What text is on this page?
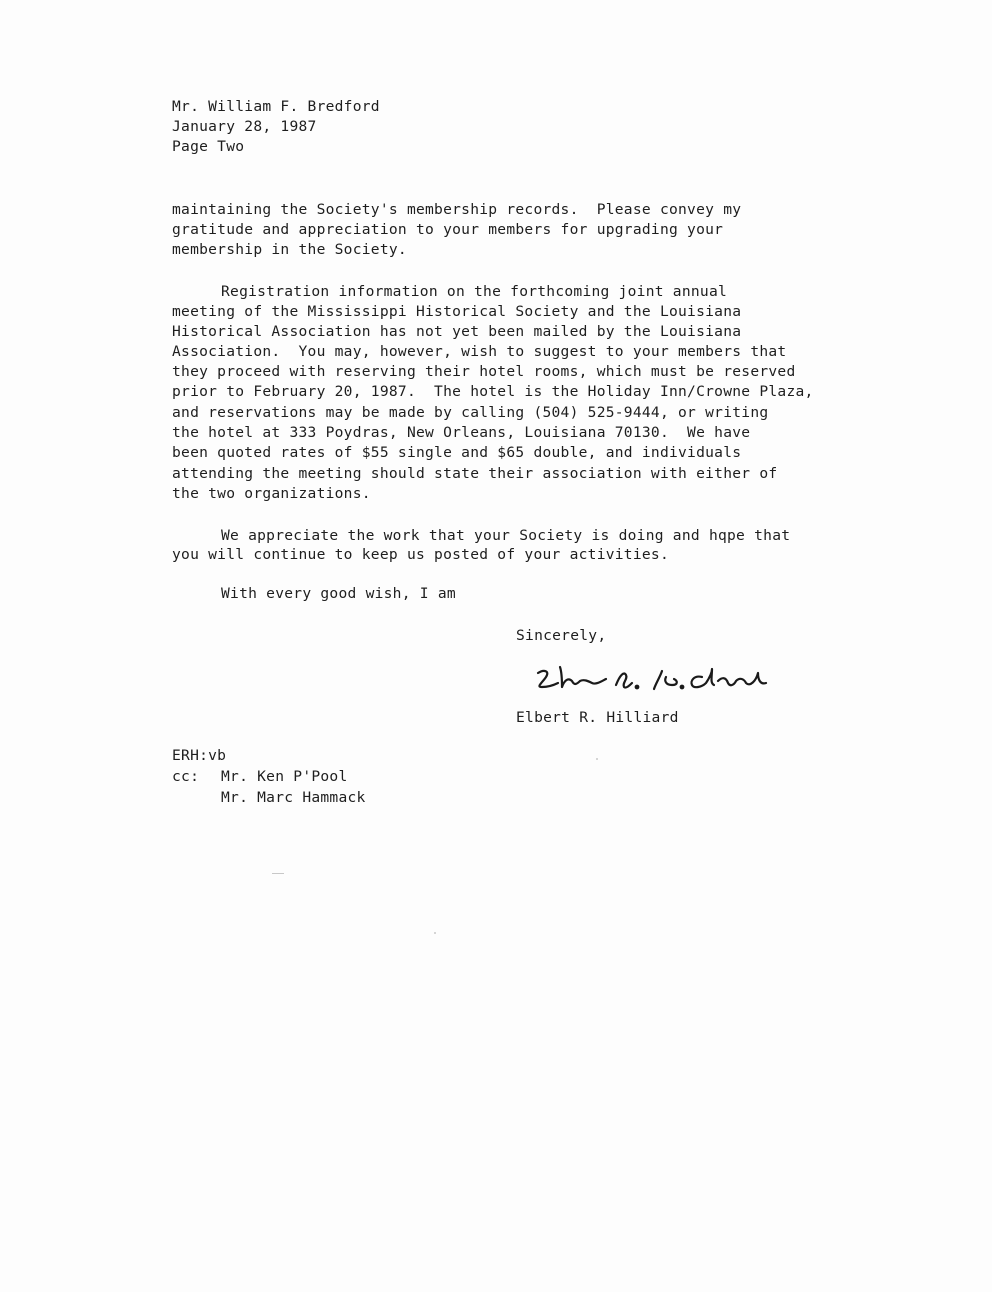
Mr. William F. Bredford
January 28, 1987
Page Two
maintaining the Society's membership records.  Please convey my
gratitude and appreciation to your members for upgrading your
membership in the Society.
Registration information on the forthcoming joint annual
meeting of the Mississippi Historical Society and the Louisiana
Historical Association has not yet been mailed by the Louisiana
Association.  You may, however, wish to suggest to your members that
they proceed with reserving their hotel rooms, which must be reserved
prior to February 20, 1987.  The hotel is the Holiday Inn/Crowne Plaza,
and reservations may be made by calling (504) 525-9444, or writing
the hotel at 333 Poydras, New Orleans, Louisiana 70130.  We have
been quoted rates of $55 single and $65 double, and individuals
attending the meeting should state their association with either of
the two organizations.
We appreciate the work that your Society is doing and hqpe that
you will continue to keep us posted of your activities.
With every good wish, I am
Sincerely,
Elbert R. Hilliard
ERH:vb
cc: Mr. Ken P'Pool
Mr. Marc Hammack
